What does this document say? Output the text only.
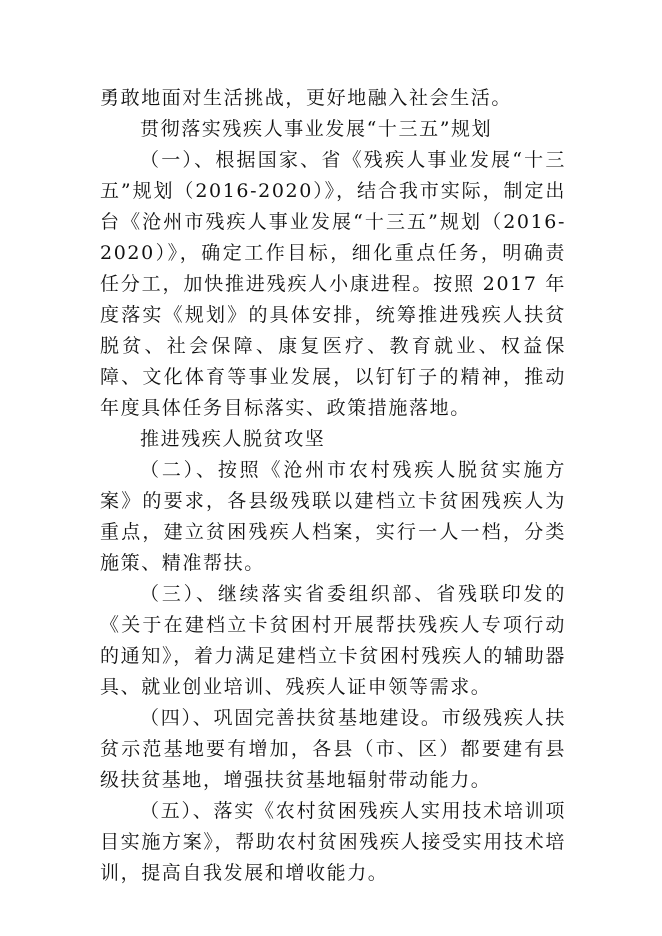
勇敢地面对生活挑战，更好地融入社会生活。

贯彻落实残疾人事业发展“十三五”规划

（一）、根据国家、省《残疾人事业发展“十三五”规划（2016-2020）》，结合我市实际，制定出台《沧州市残疾人事业发展“十三五”规划（2016-2020）》，确定工作目标，细化重点任务，明确责任分工，加快推进残疾人小康进程。按照 2017 年度落实《规划》的具体安排，统筹推进残疾人扶贫脱贫、社会保障、康复医疗、教育就业、权益保障、文化体育等事业发展，以钉钉子的精神，推动年度具体任务目标落实、政策措施落地。

推进残疾人脱贫攻坚

（二）、按照《沧州市农村残疾人脱贫实施方案》的要求，各县级残联以建档立卡贫困残疾人为重点，建立贫困残疾人档案，实行一人一档，分类施策、精准帮扶。

（三）、继续落实省委组织部、省残联印发的《关于在建档立卡贫困村开展帮扶残疾人专项行动的通知》，着力满足建档立卡贫困村残疾人的辅助器具、就业创业培训、残疾人证申领等需求。

（四）、巩固完善扶贫基地建设。市级残疾人扶贫示范基地要有增加，各县（市、区）都要建有县级扶贫基地，增强扶贫基地辐射带动能力。

（五）、落实《农村贫困残疾人实用技术培训项目实施方案》，帮助农村贫困残疾人接受实用技术培训，提高自我发展和增收能力。
